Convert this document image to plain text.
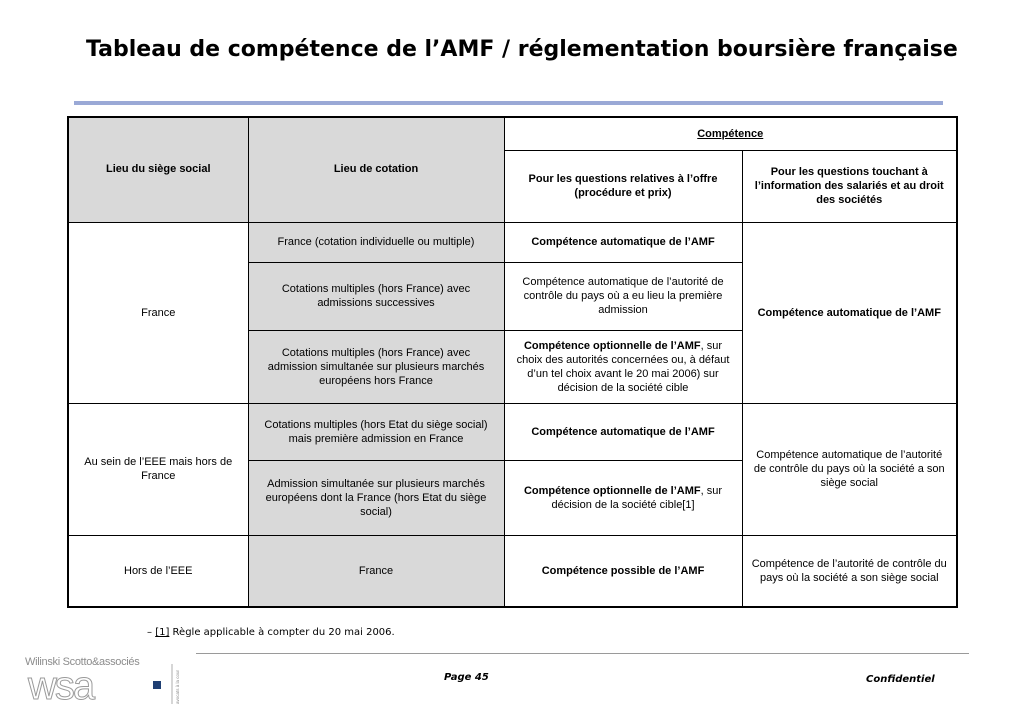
Tableau de compétence de l’AMF / réglementation boursière française
Lieu du siège social	Lieu de cotation	Compétence	
		Pour les questions relatives à l’offre (procédure et prix)	Pour les questions touchant à l’information des salariés et au droit des sociétés
France	France (cotation individuelle ou multiple)	Compétence automatique de l’AMF	Compétence automatique de l’AMF
	Cotations multiples (hors France) avec admissions successives	Compétence automatique de l’autorité de contrôle du pays où a eu lieu la première admission	
	Cotations multiples (hors France) avec admission simultanée sur plusieurs marchés européens hors France	Compétence optionnelle de l’AMF, sur choix des autorités concernées ou, à défaut d’un tel choix avant le 20 mai 2006) sur décision de la société cible	
Au sein de l’EEE mais hors de France	Cotations multiples (hors Etat du siège social) mais première admission en France	Compétence automatique de l’AMF	Compétence automatique de l’autorité de contrôle du pays où la société a son siège social
	Admission simultanée sur plusieurs marchés européens dont la France (hors Etat du siège social)	Compétence optionnelle de l’AMF, sur décision de la société cible[1]	
Hors de l’EEE	France	Compétence possible de l’AMF	Compétence de l’autorité de contrôle du pays où la société a son siège social
– [1] Règle applicable à compter du 20 mai 2006.
Wilinski Scotto&associés
wsa	avocats à la cour	Page 45	Confidentiel
